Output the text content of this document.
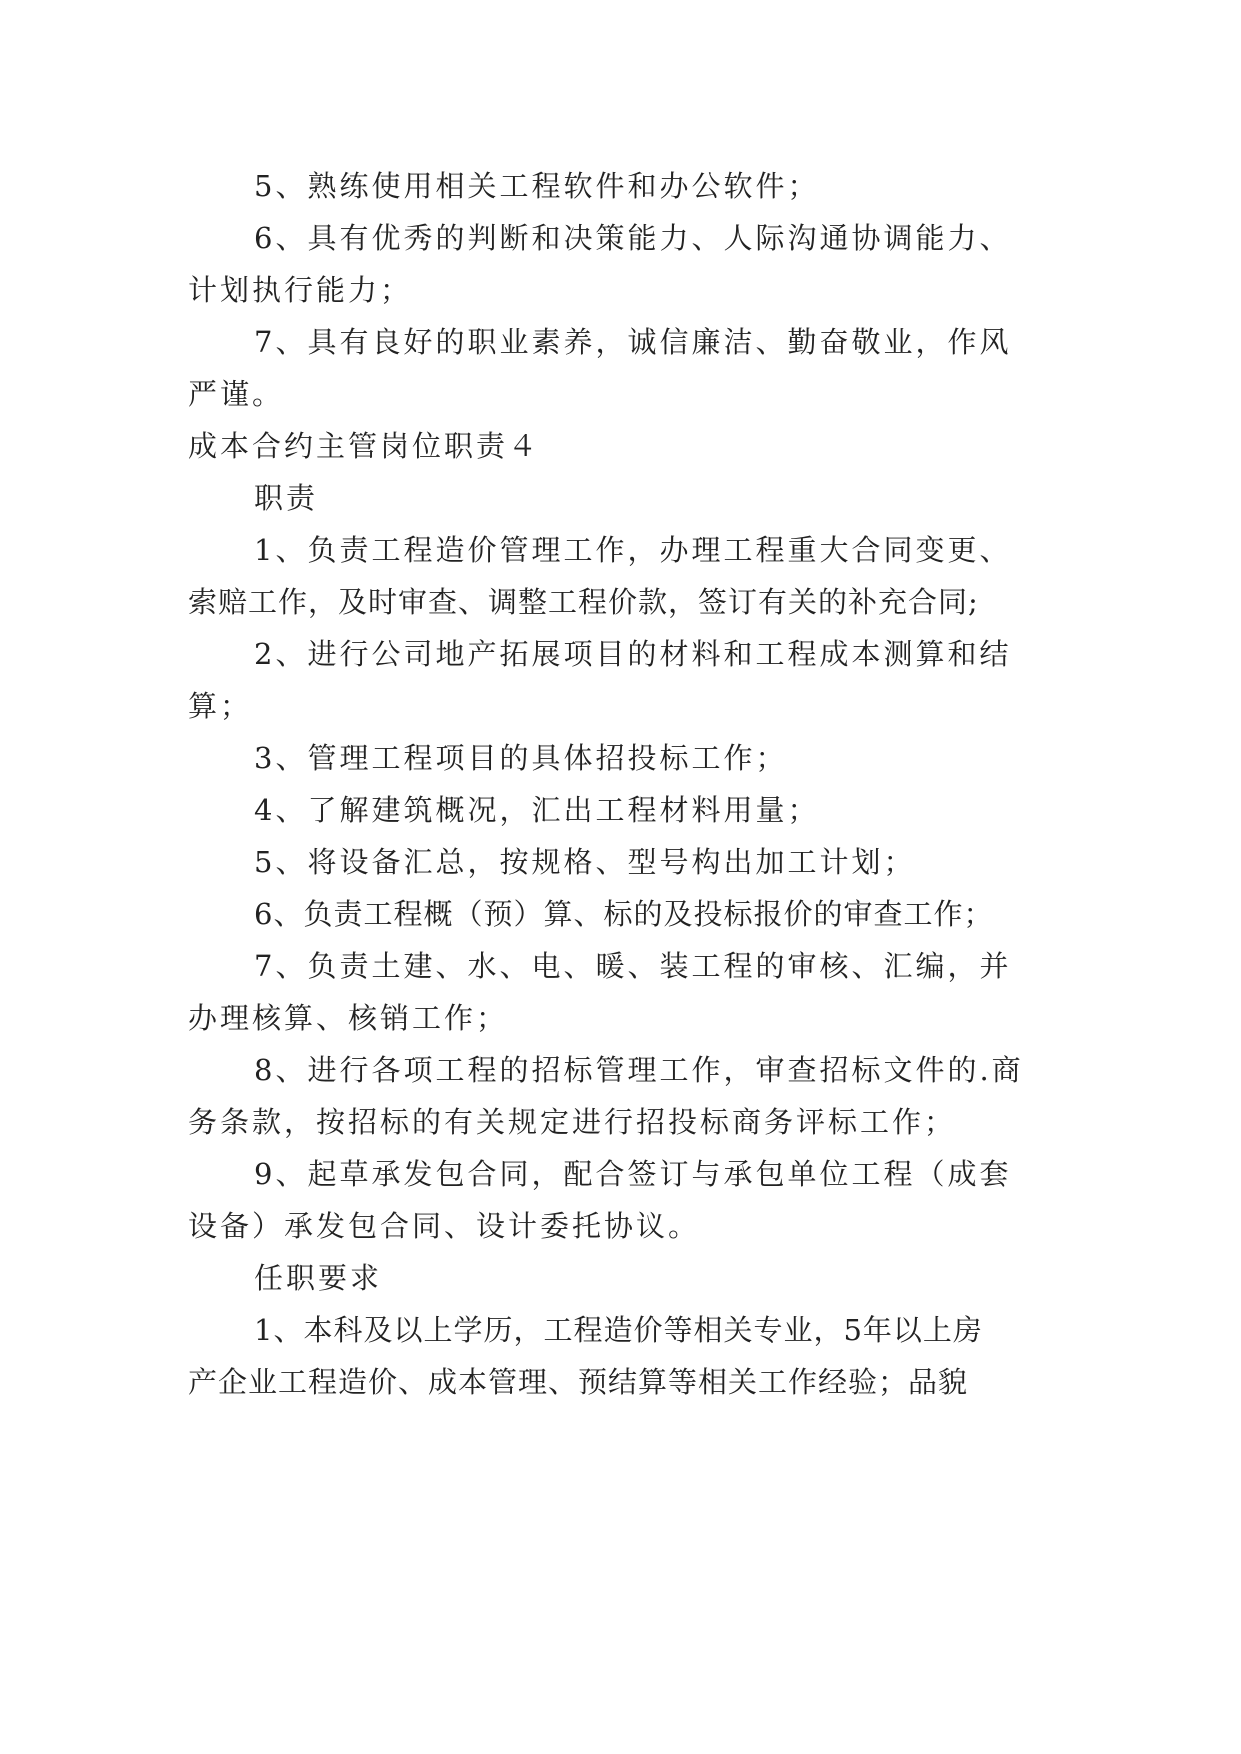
5、熟练使用相关工程软件和办公软件；
6、具有优秀的判断和决策能力、人际沟通协调能力、
计划执行能力；
7、具有良好的职业素养，诚信廉洁、勤奋敬业，作风
严谨。
成本合约主管岗位职责４
职责
1、负责工程造价管理工作，办理工程重大合同变更、
索赔工作，及时审查、调整工程价款，签订有关的补充合同;
2、进行公司地产拓展项目的材料和工程成本测算和结
算；
3、管理工程项目的具体招投标工作；
4、了解建筑概况，汇出工程材料用量；
5、将设备汇总，按规格、型号构出加工计划；
6、负责工程概（预）算、标的及投标报价的审查工作；
7、负责土建、水、电、暖、装工程的审核、汇编，并
办理核算、核销工作；
8、进行各项工程的招标管理工作，审查招标文件的.商
务条款，按招标的有关规定进行招投标商务评标工作；
9、起草承发包合同，配合签订与承包单位工程（成套
设备）承发包合同、设计委托协议。
任职要求
1、本科及以上学历，工程造价等相关专业，5年以上房
产企业工程造价、成本管理、预结算等相关工作经验；品貌
